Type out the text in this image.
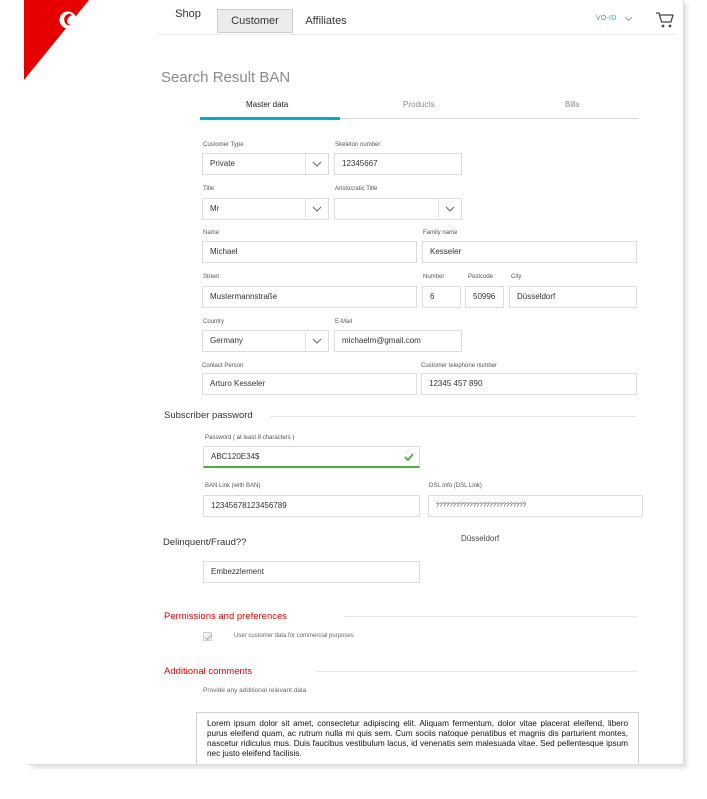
Shop
Customer	Affiliates	VO-ID
Search Result BAN
Master data	Products	Bills
Customer Type
Private
Skeleton number
12345667
Title
Mr
Aristocratic Title
Name
Michael
Family name
Kesseler
Street
Mustermannstraße
Number
6
Postcode
50996
City
Düsseldorf
Country
Germany
E-Mail
michaelm@gmail.com
Contact Person
Arturo Kesseler
Customer telephone number
12345 457 890
Subscriber password
Password ( at least 8 characters )
ABC120E34$
BAN Link (with BAN)
12345678123456789
DSL Info (DSL Link)
???????????????????????????
Delinquent/Fraud??	Düsseldorf
Embezzlement
Permissions and preferences
User customer data for commercial purposes
Additional comments
Provide any additional relevant data
Lorem ipsum dolor sit amet, consectetur adipiscing elit. Aliquam fermentum, dolor vitae placerat eleifend, libero purus eleifend quam, ac rutrum nulla mi quis sem. Cum sociis natoque penatibus et magnis dis parturient montes, nascetur ridiculus mus. Duis faucibus vestibulum lacus, id venenatis sem malesuada vitae. Sed pellentesque ipsum nec justo eleifend facilisis.
